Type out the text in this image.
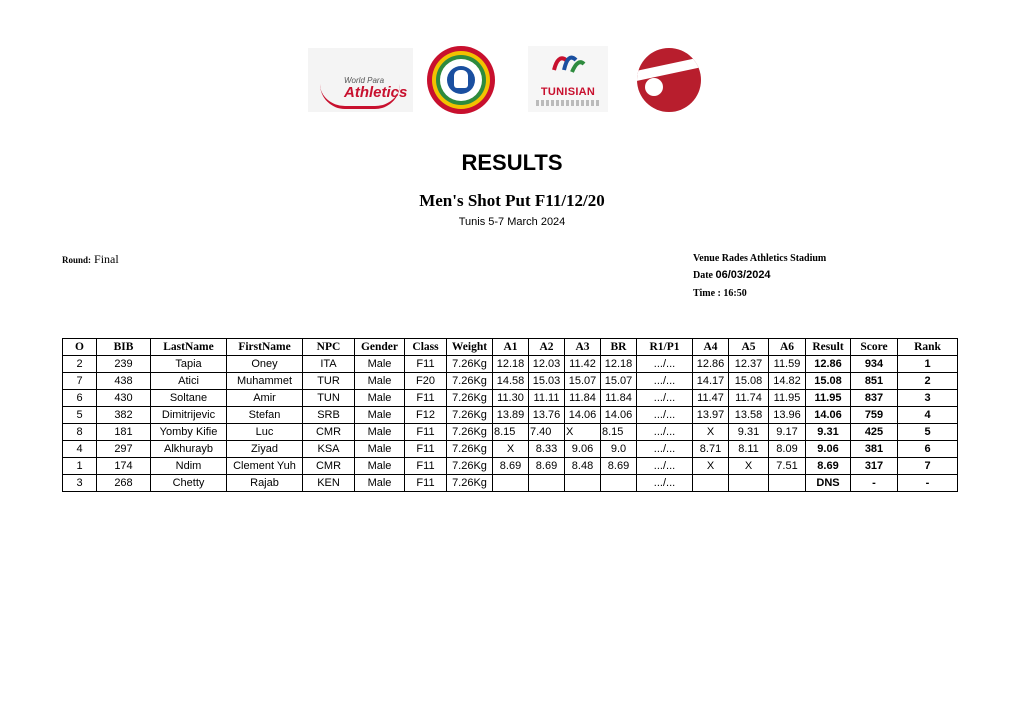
World Para
Athletics	TUNISIAN
RESULTS
Men's Shot Put F11/12/20
Tunis 5-7 March 2024
Round: Final	Venue Rades Athletics Stadium
Date 06/03/2024
Time : 16:50
O	BIB	LastName	FirstName	NPC	Gender	Class	Weight	A1	A2	A3	BR	R1/P1	A4	A5	A6	Result	Score	Rank
2	239	Tapia	Oney	ITA	Male	F11	7.26Kg	12.18	12.03	11.42	12.18	.../...	12.86	12.37	11.59	12.86	934	1
7	438	Atici	Muhammet	TUR	Male	F20	7.26Kg	14.58	15.03	15.07	15.07	.../...	14.17	15.08	14.82	15.08	851	2
6	430	Soltane	Amir	TUN	Male	F11	7.26Kg	11.30	11.11	11.84	11.84	.../...	11.47	11.74	11.95	11.95	837	3
5	382	Dimitrijevic	Stefan	SRB	Male	F12	7.26Kg	13.89	13.76	14.06	14.06	.../...	13.97	13.58	13.96	14.06	759	4
8	181	Yomby Kifie	Luc	CMR	Male	F11	7.26Kg	8.15	7.40	X	8.15	.../...	X	9.31	9.17	9.31	425	5
4	297	Alkhurayb	Ziyad	KSA	Male	F11	7.26Kg	X	8.33	9.06	9.0	.../...	8.71	8.11	8.09	9.06	381	6
1	174	Ndim	Clement Yuh	CMR	Male	F11	7.26Kg	8.69	8.69	8.48	8.69	.../...	X	X	7.51	8.69	317	7
3	268	Chetty	Rajab	KEN	Male	F11	7.26Kg					.../...				DNS	-	-
